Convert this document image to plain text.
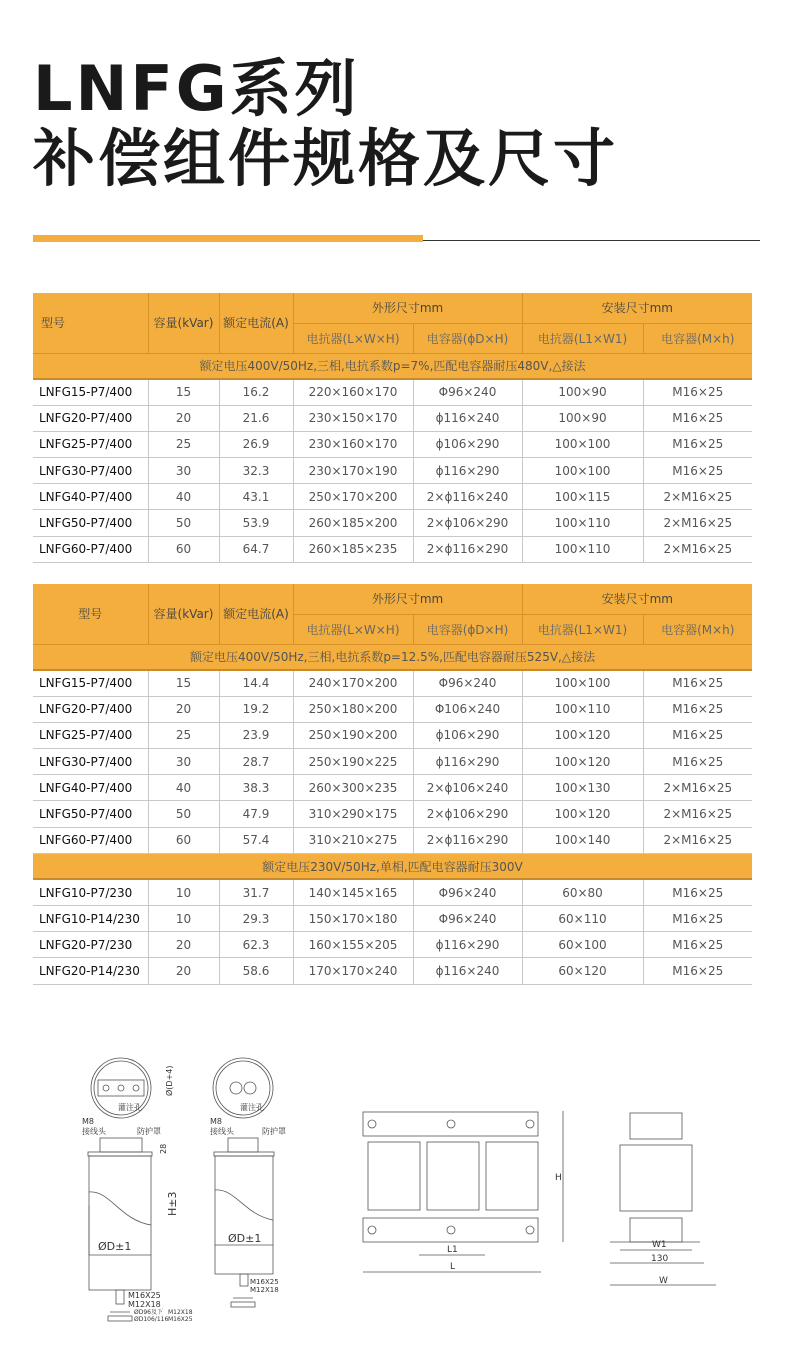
LNFG系列
补偿组件规格及尺寸
型号	容量(kVar)	额定电流(A)	外形尺寸mm		安装尺寸mm	
			电抗器(L×W×H)	电容器(ϕD×H)	电抗器(L1×W1)	电容器(M×h)
额定电压400V/50Hz,三相,电抗系数p=7%,匹配电容器耐压480V,△接法						
LNFG15-P7/400	15	16.2	220×160×170	Φ96×240	100×90	M16×25
LNFG20-P7/400	20	21.6	230×150×170	ϕ116×240	100×90	M16×25
LNFG25-P7/400	25	26.9	230×160×170	ϕ106×290	100×100	M16×25
LNFG30-P7/400	30	32.3	230×170×190	ϕ116×290	100×100	M16×25
LNFG40-P7/400	40	43.1	250×170×200	2×ϕ116×240	100×115	2×M16×25
LNFG50-P7/400	50	53.9	260×185×200	2×ϕ106×290	100×110	2×M16×25
LNFG60-P7/400	60	64.7	260×185×235	2×ϕ116×290	100×110	2×M16×25
型号	容量(kVar)	额定电流(A)	外形尺寸mm		安装尺寸mm	
			电抗器(L×W×H)	电容器(ϕD×H)	电抗器(L1×W1)	电容器(M×h)
额定电压400V/50Hz,三相,电抗系数p=12.5%,匹配电容器耐压525V,△接法						
LNFG15-P7/400	15	14.4	240×170×200	Φ96×240	100×100	M16×25
LNFG20-P7/400	20	19.2	250×180×200	Φ106×240	100×110	M16×25
LNFG25-P7/400	25	23.9	250×190×200	ϕ106×290	100×120	M16×25
LNFG30-P7/400	30	28.7	250×190×225	ϕ116×290	100×120	M16×25
LNFG40-P7/400	40	38.3	260×300×235	2×ϕ106×240	100×130	2×M16×25
LNFG50-P7/400	50	47.9	310×290×175	2×ϕ106×290	100×120	2×M16×25
LNFG60-P7/400	60	57.4	310×210×275	2×ϕ116×290	100×140	2×M16×25
额定电压230V/50Hz,单相,匹配电容器耐压300V						
LNFG10-P7/230	10	31.7	140×145×165	Φ96×240	60×80	M16×25
LNFG10-P14/230	10	29.3	150×170×180	Φ96×240	60×110	M16×25
LNFG20-P7/230	20	62.3	160×155×205	ϕ116×290	60×100	M16×25
LNFG20-P14/230	20	58.6	170×170×240	ϕ116×240	60×120	M16×25
灌注孔
Ø(D+4)
M8
接线头	防护罩
ØD±1
H±3
28
M16X25
M12X18
ØD96及下 M12X18
ØD106/116 M16X25
灌注孔
M8
接线头	防护罩
ØD±1
M16X25
M12X18
L1
L
H
W1
130
W
